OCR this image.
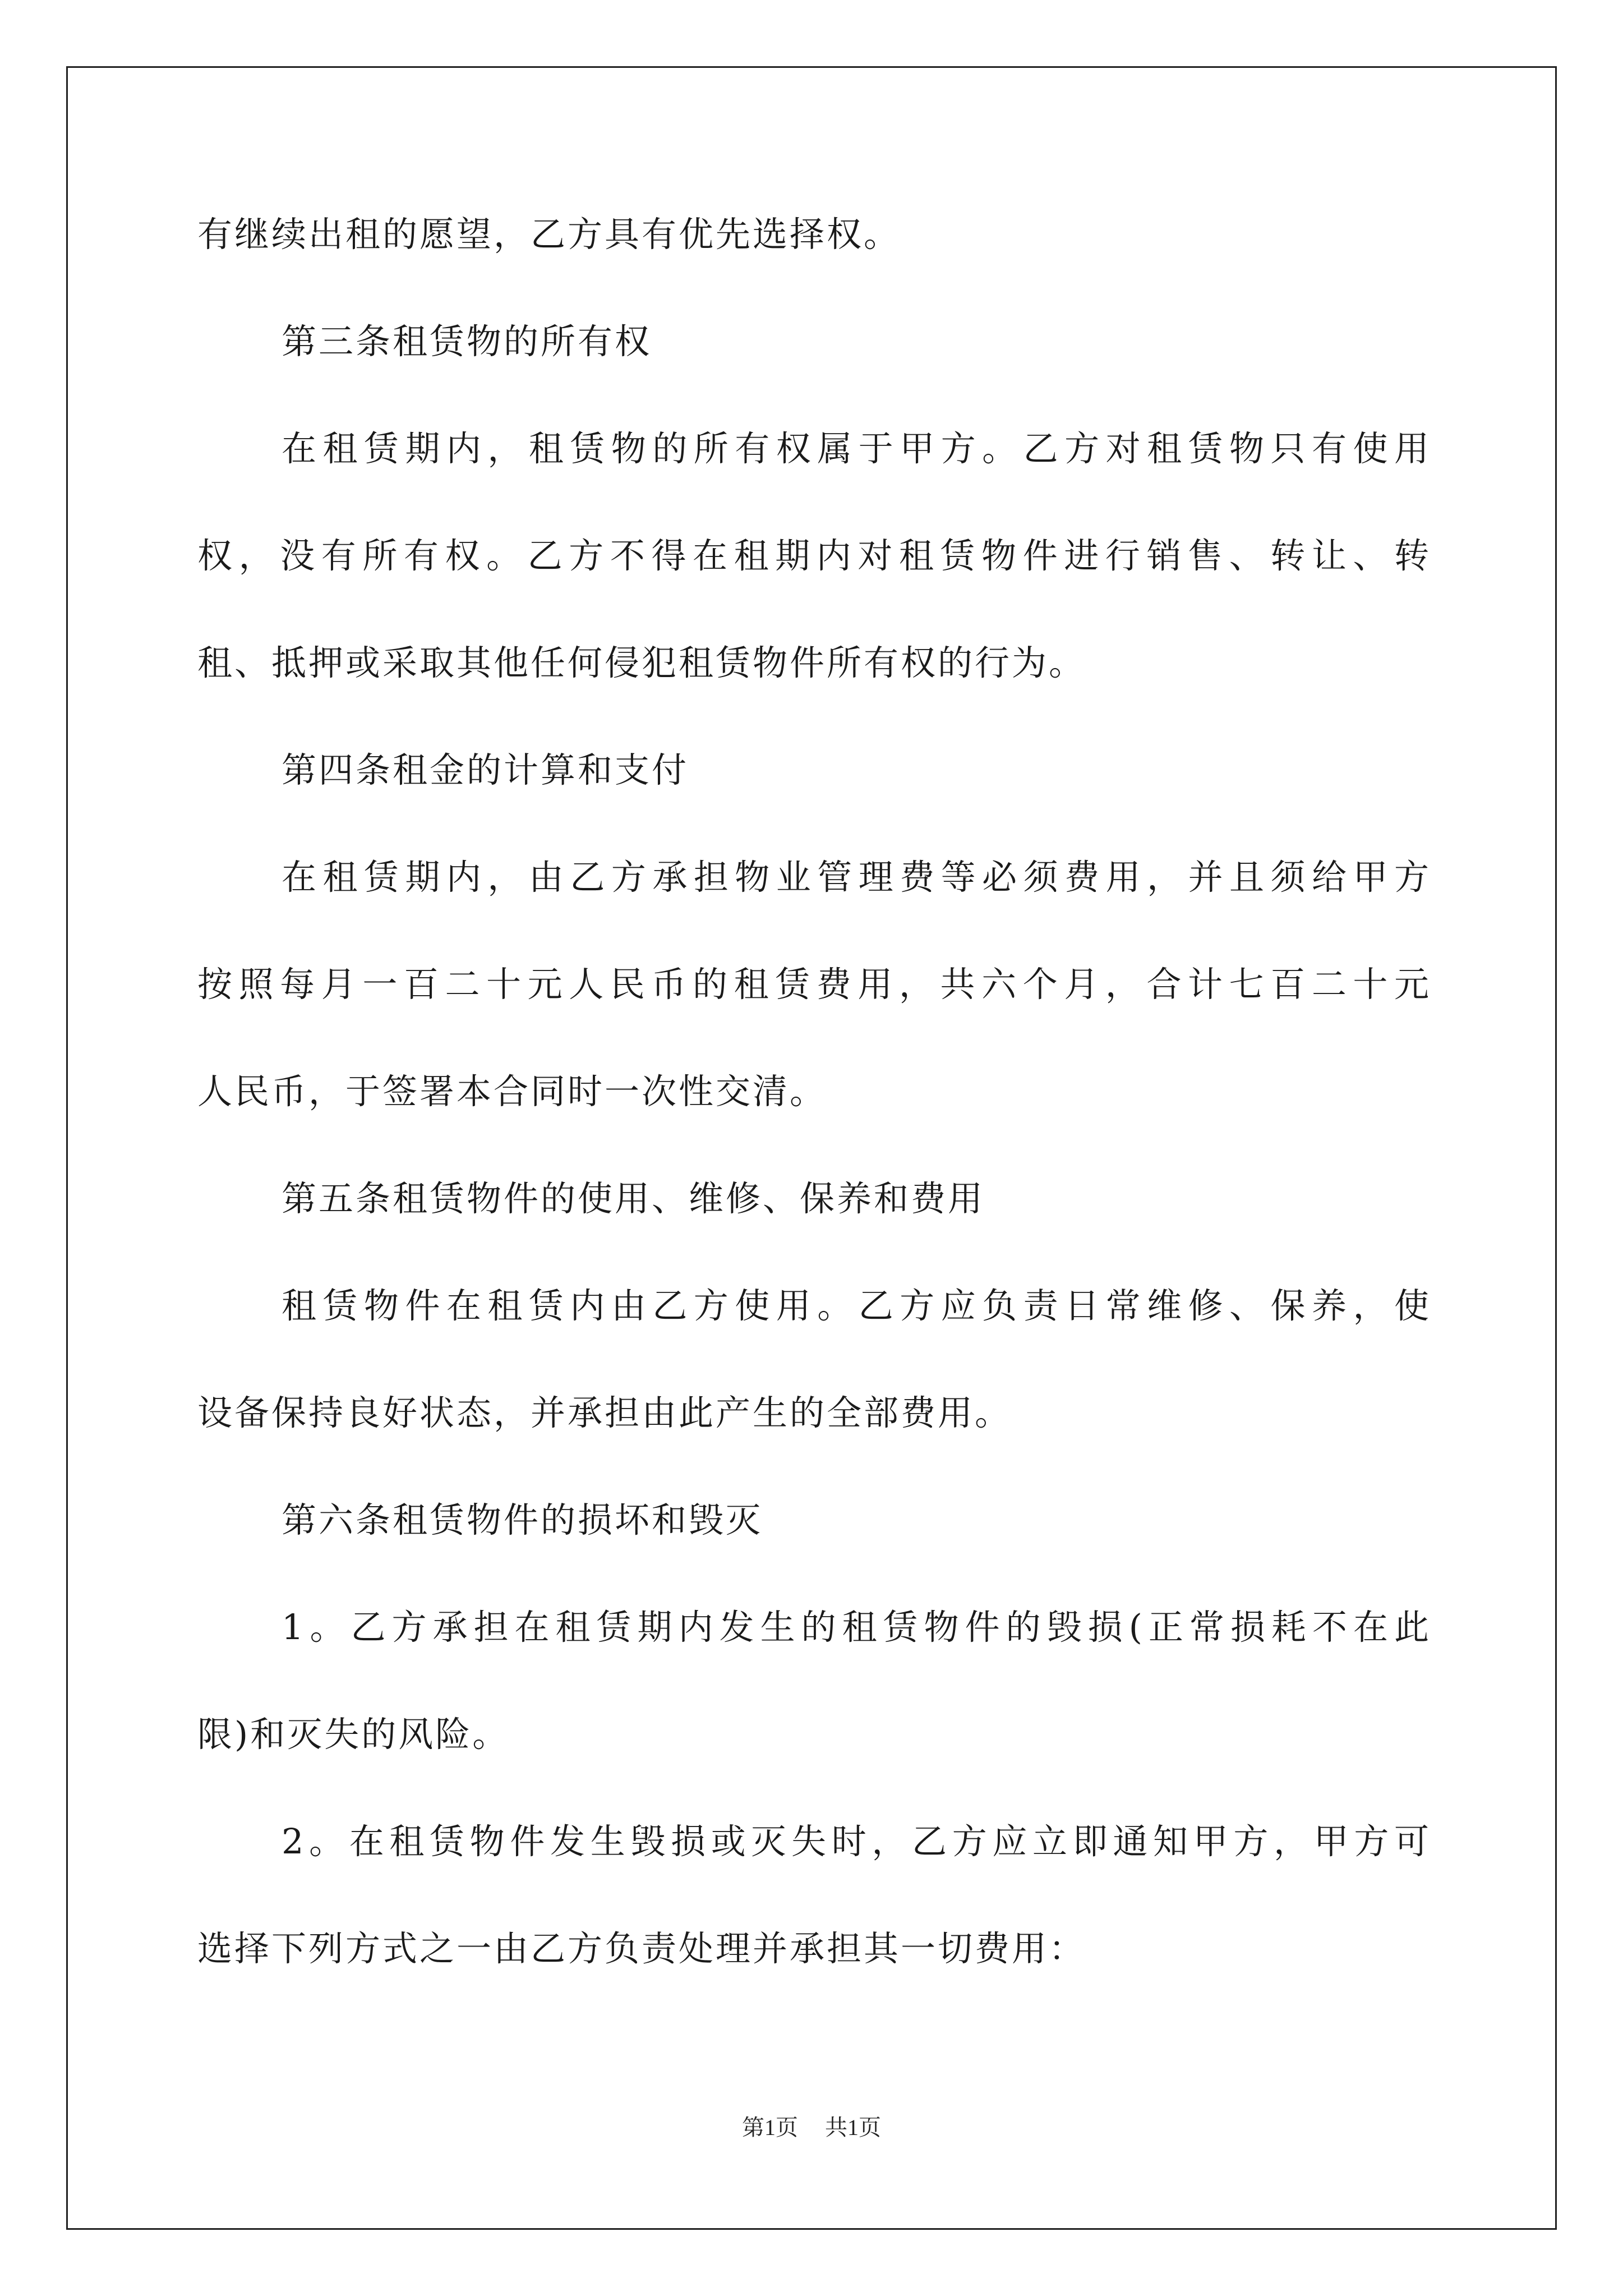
有继续出租的愿望，乙方具有优先选择权。
第三条租赁物的所有权
在租赁期内，租赁物的所有权属于甲方。乙方对租赁物只有使用
权，没有所有权。乙方不得在租期内对租赁物件进行销售、转让、转
租、抵押或采取其他任何侵犯租赁物件所有权的行为。
第四条租金的计算和支付
在租赁期内，由乙方承担物业管理费等必须费用，并且须给甲方
按照每月一百二十元人民币的租赁费用，共六个月，合计七百二十元
人民币，于签署本合同时一次性交清。
第五条租赁物件的使用、维修、保养和费用
租赁物件在租赁内由乙方使用。乙方应负责日常维修、保养，使
设备保持良好状态，并承担由此产生的全部费用。
第六条租赁物件的损坏和毁灭
1。乙方承担在租赁期内发生的租赁物件的毁损(正常损耗不在此
限)和灭失的风险。
2。在租赁物件发生毁损或灭失时，乙方应立即通知甲方，甲方可
选择下列方式之一由乙方负责处理并承担其一切费用：
第1页 共1页
